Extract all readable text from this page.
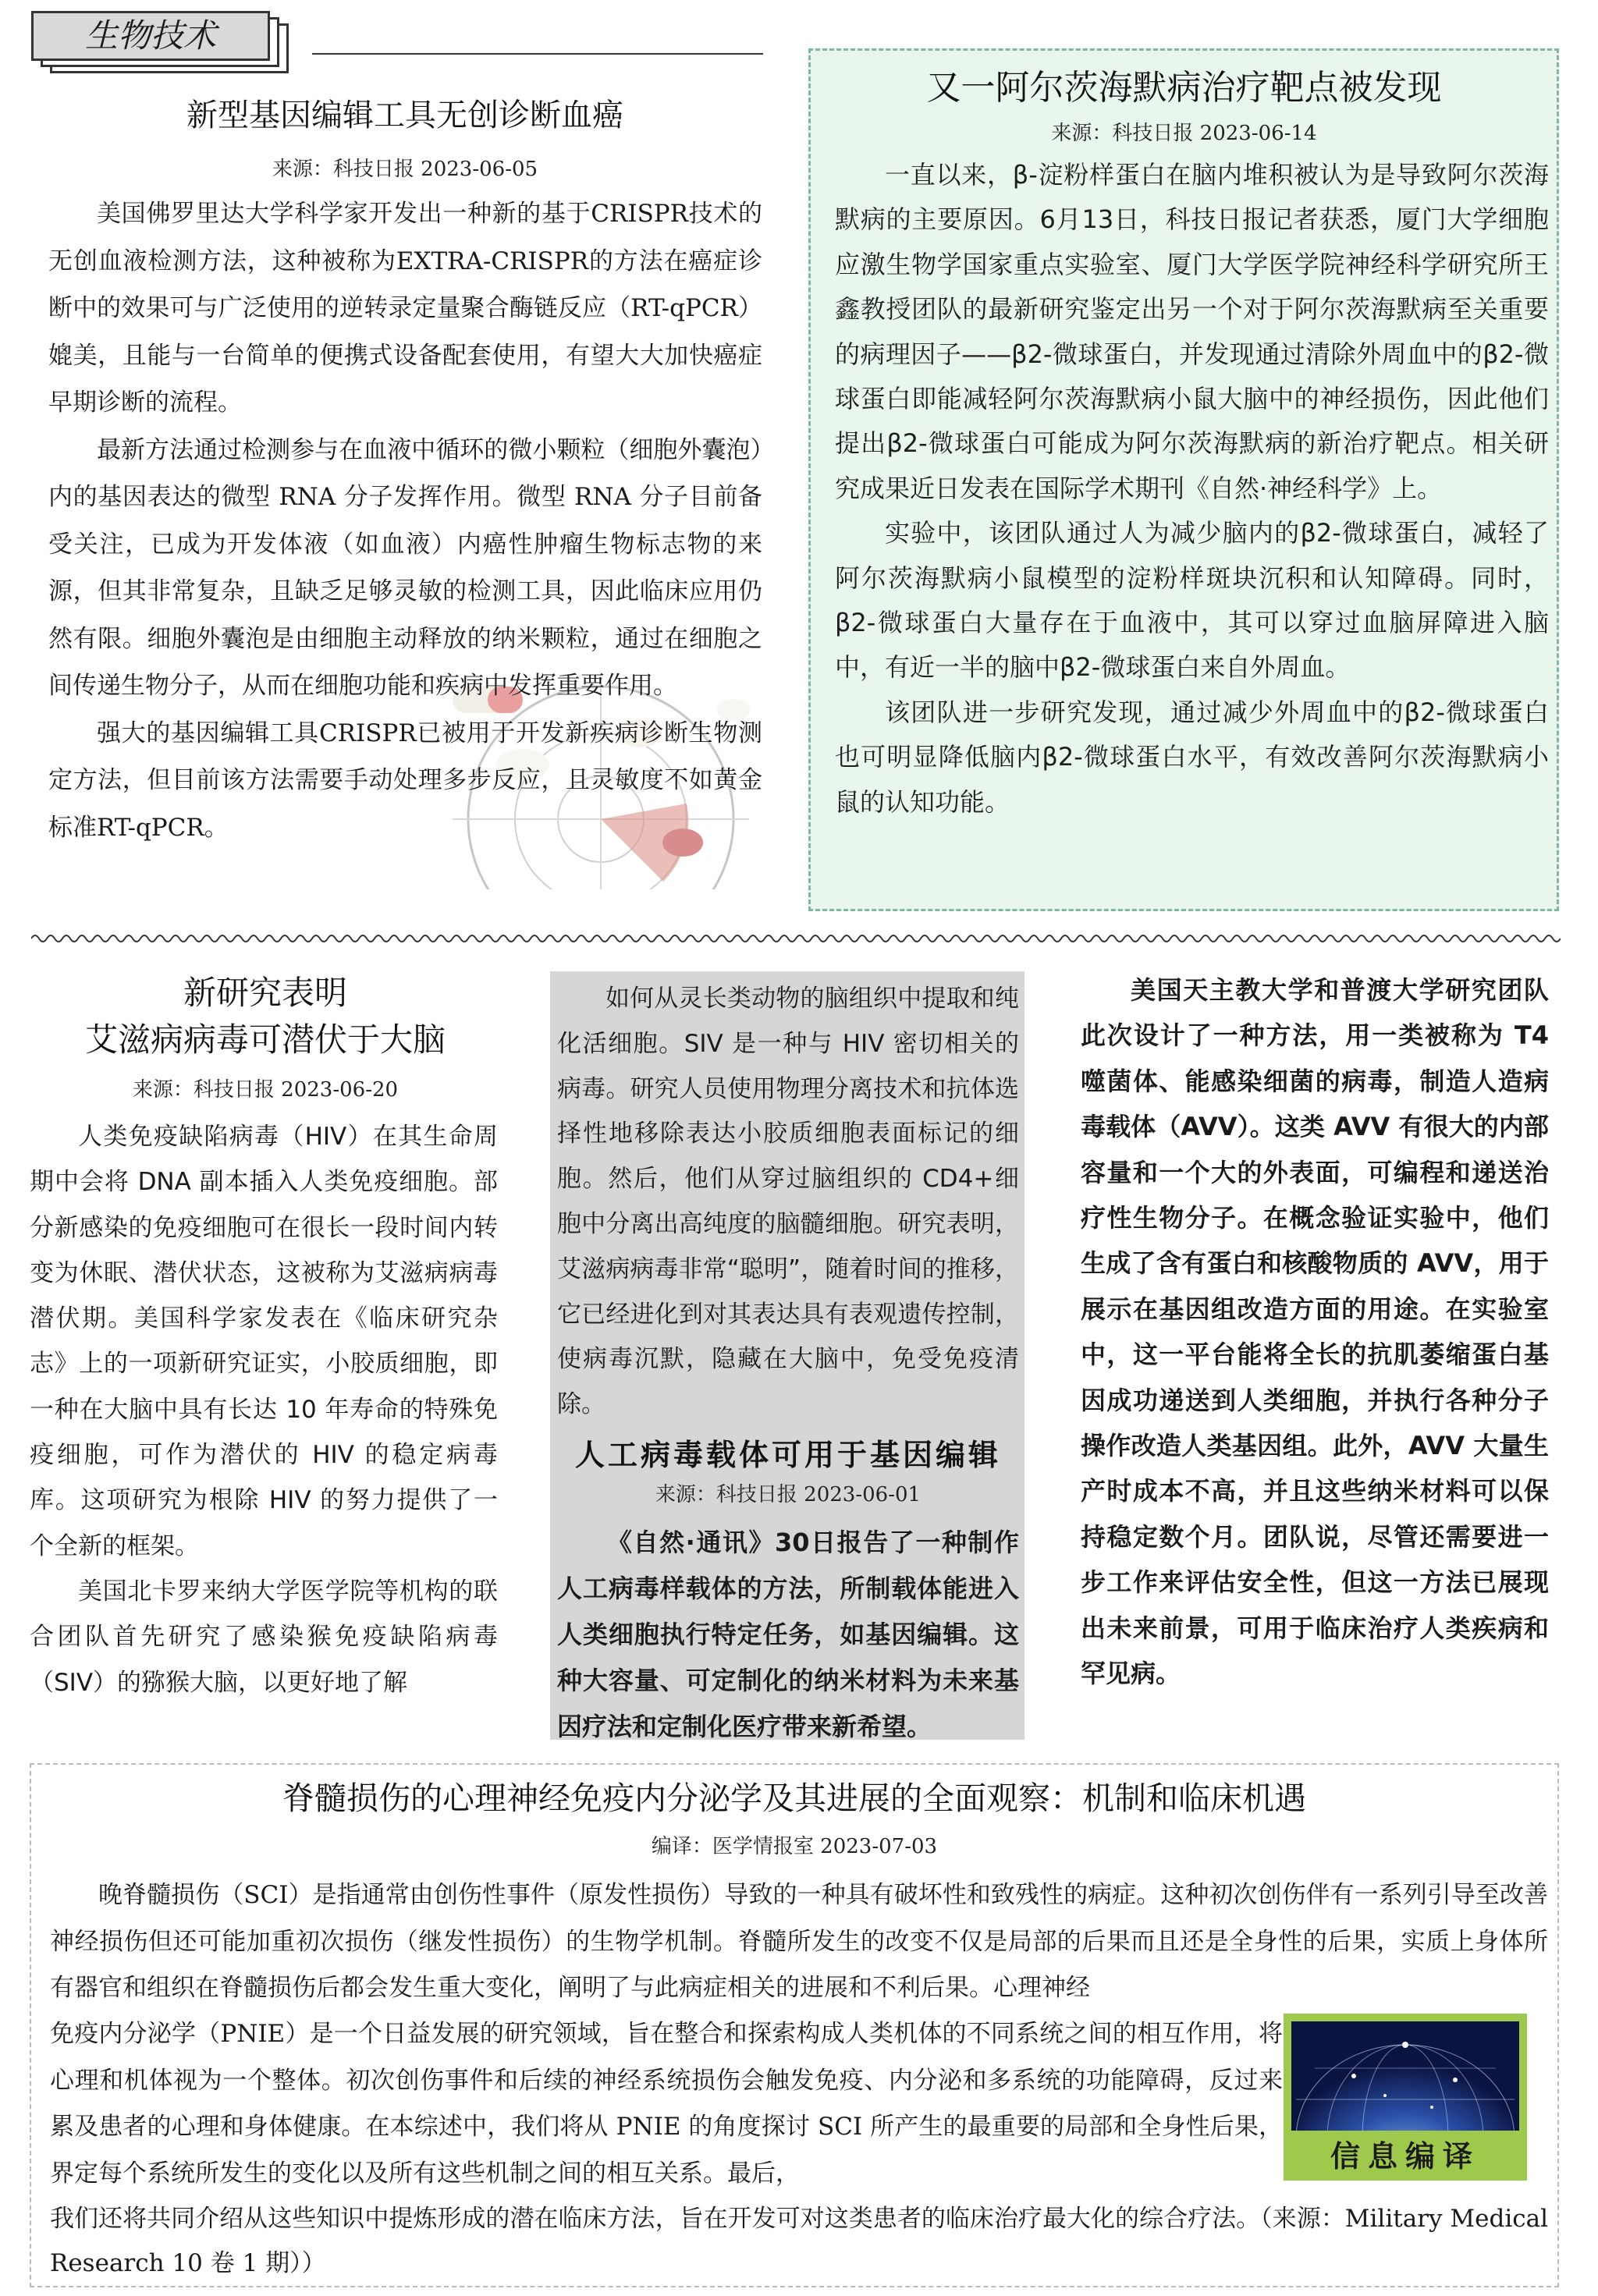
生物技术
新型基因编辑工具无创诊断血癌
来源：科技日报 2023-06-05

美国佛罗里达大学科学家开发出一种新的基于CRISPR技术的无创血液检测方法，这种被称为EXTRA-CRISPR的方法在癌症诊断中的效果可与广泛使用的逆转录定量聚合酶链反应（RT-qPCR）媲美，且能与一台简单的便携式设备配套使用，有望大大加快癌症早期诊断的流程。

最新方法通过检测参与在血液中循环的微小颗粒（细胞外囊泡）内的基因表达的微型 RNA 分子发挥作用。微型 RNA 分子目前备受关注，已成为开发体液（如血液）内癌性肿瘤生物标志物的来源，但其非常复杂，且缺乏足够灵敏的检测工具，因此临床应用仍然有限。细胞外囊泡是由细胞主动释放的纳米颗粒，通过在细胞之间传递生物分子，从而在细胞功能和疾病中发挥重要作用。

强大的基因编辑工具CRISPR已被用于开发新疾病诊断生物测定方法，但目前该方法需要手动处理多步反应，且灵敏度不如黄金标准RT-qPCR。

又一阿尔茨海默病治疗靶点被发现
来源：科技日报 2023-06-14

一直以来，β-淀粉样蛋白在脑内堆积被认为是导致阿尔茨海默病的主要原因。6月13日，科技日报记者获悉，厦门大学细胞应激生物学国家重点实验室、厦门大学医学院神经科学研究所王鑫教授团队的最新研究鉴定出另一个对于阿尔茨海默病至关重要的病理因子——β2-微球蛋白，并发现通过清除外周血中的β2-微球蛋白即能减轻阿尔茨海默病小鼠大脑中的神经损伤，因此他们提出β2-微球蛋白可能成为阿尔茨海默病的新治疗靶点。相关研究成果近日发表在国际学术期刊《自然·神经科学》上。

实验中，该团队通过人为减少脑内的β2-微球蛋白，减轻了阿尔茨海默病小鼠模型的淀粉样斑块沉积和认知障碍。同时，β2-微球蛋白大量存在于血液中，其可以穿过血脑屏障进入脑中，有近一半的脑中β2-微球蛋白来自外周血。

该团队进一步研究发现，通过减少外周血中的β2-微球蛋白也可明显降低脑内β2-微球蛋白水平，有效改善阿尔茨海默病小鼠的认知功能。

新研究表明
艾滋病病毒可潜伏于大脑
来源：科技日报 2023-06-20

人类免疫缺陷病毒（HIV）在其生命周期中会将 DNA 副本插入人类免疫细胞。部分新感染的免疫细胞可在很长一段时间内转变为休眠、潜伏状态，这被称为艾滋病病毒潜伏期。美国科学家发表在《临床研究杂志》上的一项新研究证实，小胶质细胞，即一种在大脑中具有长达 10 年寿命的特殊免疫细胞，可作为潜伏的 HIV 的稳定病毒库。这项研究为根除 HIV 的努力提供了一个全新的框架。

美国北卡罗来纳大学医学院等机构的联合团队首先研究了感染猴免疫缺陷病毒（SIV）的猕猴大脑，以更好地了解

如何从灵长类动物的脑组织中提取和纯化活细胞。SIV 是一种与 HIV 密切相关的病毒。研究人员使用物理分离技术和抗体选择性地移除表达小胶质细胞表面标记的细胞。然后，他们从穿过脑组织的 CD4+细胞中分离出高纯度的脑髓细胞。研究表明，艾滋病病毒非常“聪明”，随着时间的推移，它已经进化到对其表达具有表观遗传控制，使病毒沉默，隐藏在大脑中，免受免疫清除。

人工病毒载体可用于基因编辑
来源：科技日报 2023-06-01

《自然·通讯》30日报告了一种制作人工病毒样载体的方法，所制载体能进入人类细胞执行特定任务，如基因编辑。这种大容量、可定制化的纳米材料为未来基因疗法和定制化医疗带来新希望。

美国天主教大学和普渡大学研究团队此次设计了一种方法，用一类被称为 T4 噬菌体、能感染细菌的病毒，制造人造病毒载体（AVV）。这类 AVV 有很大的内部容量和一个大的外表面，可编程和递送治疗性生物分子。在概念验证实验中，他们生成了含有蛋白和核酸物质的 AVV，用于展示在基因组改造方面的用途。在实验室中，这一平台能将全长的抗肌萎缩蛋白基因成功递送到人类细胞，并执行各种分子操作改造人类基因组。此外，AVV 大量生产时成本不高，并且这些纳米材料可以保持稳定数个月。团队说，尽管还需要进一步工作来评估安全性，但这一方法已展现出未来前景，可用于临床治疗人类疾病和罕见病。

脊髓损伤的心理神经免疫内分泌学及其进展的全面观察：机制和临床机遇
编译：医学情报室 2023-07-03

晚脊髓损伤（SCI）是指通常由创伤性事件（原发性损伤）导致的一种具有破坏性和致残性的病症。这种初次创伤伴有一系列引导至改善神经损伤但还可能加重初次损伤（继发性损伤）的生物学机制。脊髓所发生的改变不仅是局部的后果而且还是全身性的后果，实质上身体所有器官和组织在脊髓损伤后都会发生重大变化，阐明了与此病症相关的进展和不利后果。心理神经

免疫内分泌学（PNIE）是一个日益发展的研究领域，旨在整合和探索构成人类机体的不同系统之间的相互作用，将心理和机体视为一个整体。初次创伤事件和后续的神经系统损伤会触发免疫、内分泌和多系统的功能障碍，反过来累及患者的心理和身体健康。在本综述中，我们将从 PNIE 的角度探讨 SCI 所产生的最重要的局部和全身性后果，界定每个系统所发生的变化以及所有这些机制之间的相互关系。最后，

我们还将共同介绍从这些知识中提炼形成的潜在临床方法，旨在开发可对这类患者的临床治疗最大化的综合疗法。（来源：Military Medical Research 10 卷 1 期））

信息编译
